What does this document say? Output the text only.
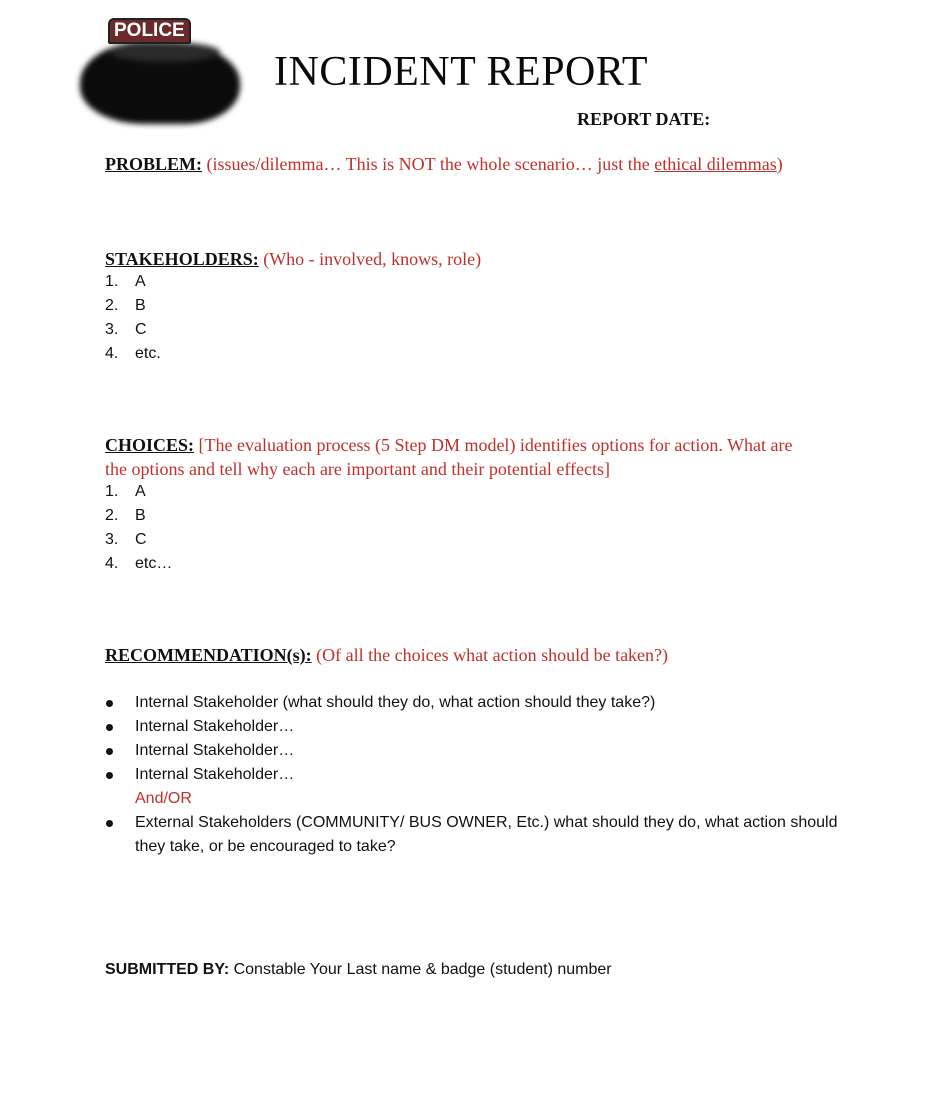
POLICE
INCIDENT REPORT
REPORT DATE:
PROBLEM: (issues/dilemma… This is NOT the whole scenario… just the ethical dilemmas)
STAKEHOLDERS: (Who - involved, knows, role)
1. A
2. B
3. C
4. etc.
CHOICES: [The evaluation process (5 Step DM model) identifies options for action. What are
the options and tell why each are important and their potential effects]
1. A
2. B
3. C
4. etc…
RECOMMENDATION(s): (Of all the choices what action should be taken?)
Internal Stakeholder (what should they do, what action should they take?)
Internal Stakeholder…
Internal Stakeholder…
Internal Stakeholder…
And/OR
External Stakeholders (COMMUNITY/ BUS OWNER, Etc.) what should they do, what action should they take, or be encouraged to take?
SUBMITTED BY: Constable Your Last name & badge (student) number
